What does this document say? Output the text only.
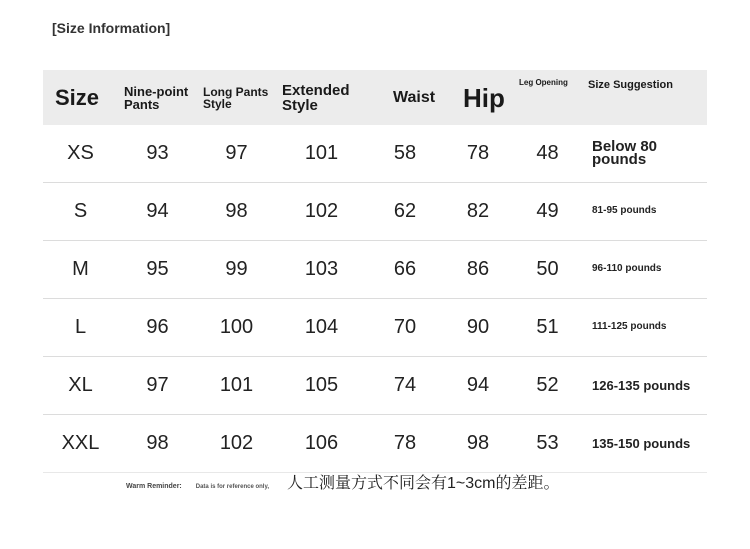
[Size Information]
Size	Nine-point Pants	Long Pants Style	Extended Style	Waist	Hip	Leg Opening	Size Suggestion
XS	93	97	101	58	78	48	Below 80 pounds
S	94	98	102	62	82	49	81-95 pounds
M	95	99	103	66	86	50	96-110 pounds
L	96	100	104	70	90	51	111-125 pounds
XL	97	101	105	74	94	52	126-135 pounds
XXL	98	102	106	78	98	53	135-150 pounds
Warm Reminder: Data is for reference only, 人工测量方式不同会有1~3cm的差距。
